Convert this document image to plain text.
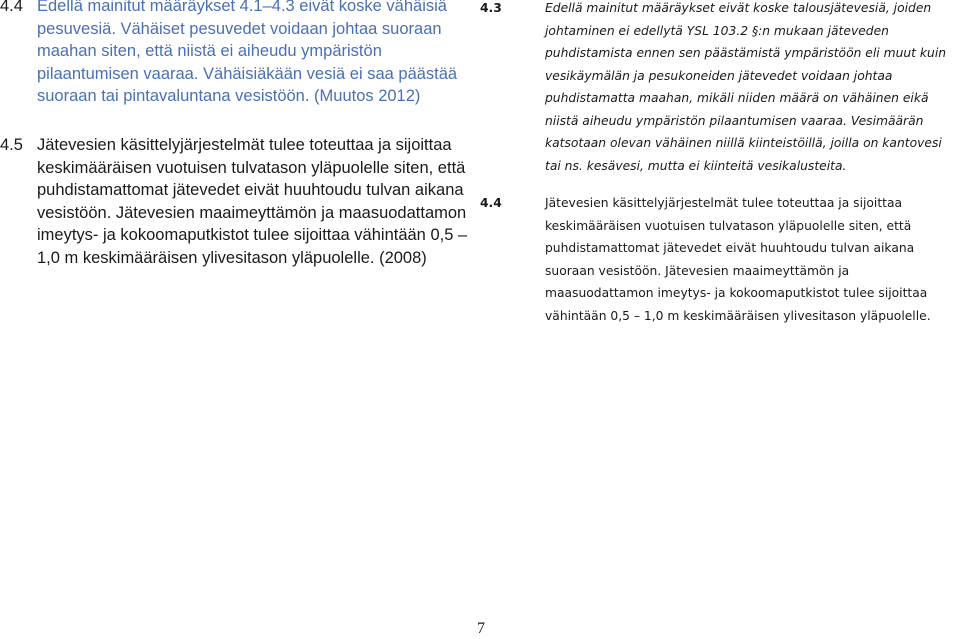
4.4 Edellä mainitut määräykset 4.1–4.3 eivät koske vähäisiä pesuvesiä. Vähäiset pesuvedet voidaan johtaa suoraan maahan siten, että niistä ei aiheudu ympäristön pilaantumisen vaaraa. Vähäisiäkään vesiä ei saa päästää suoraan tai pintavaluntana vesistöön. (Muutos 2012)
4.5 Jätevesien käsittelyjärjestelmät tulee toteuttaa ja sijoittaa keskimääräisen vuotuisen tulvatason yläpuolelle siten, että puhdistamattomat jätevedet eivät huuhtoudu tulvan aikana vesistöön. Jätevesien maaimeyttämön ja maasuodattamon imeytys- ja kokoomaputkistot tulee sijoittaa vähintään 0,5 – 1,0 m keskimääräisen ylivesitason yläpuolelle. (2008)
4.3	Edellä mainitut määräykset eivät koske talousjätevesiä, joiden johtaminen ei edellytä YSL 103.2 §:n mukaan jäteveden puhdistamista ennen sen päästämistä ympäristöön eli muut kuin vesikäymälän ja pesukoneiden jätevedet voidaan johtaa puhdistamatta maahan, mikäli niiden määrä on vähäinen eikä niistä aiheudu ympäristön pilaantumisen vaaraa. Vesimäärän katsotaan olevan vähäinen niillä kiinteistöillä, joilla on kantovesi tai ns. kesävesi, mutta ei kiinteitä vesikalusteita.
4.4	Jätevesien käsittelyjärjestelmät tulee toteuttaa ja sijoittaa keskimääräisen vuotuisen tulvatason yläpuolelle siten, että puhdistamattomat jätevedet eivät huuhtoudu tulvan aikana suoraan vesistöön. Jätevesien maaimeyttämön ja maasuodattamon imeytys- ja kokoomaputkistot tulee sijoittaa vähintään 0,5 – 1,0 m keskimääräisen ylivesitason yläpuolelle.
7
